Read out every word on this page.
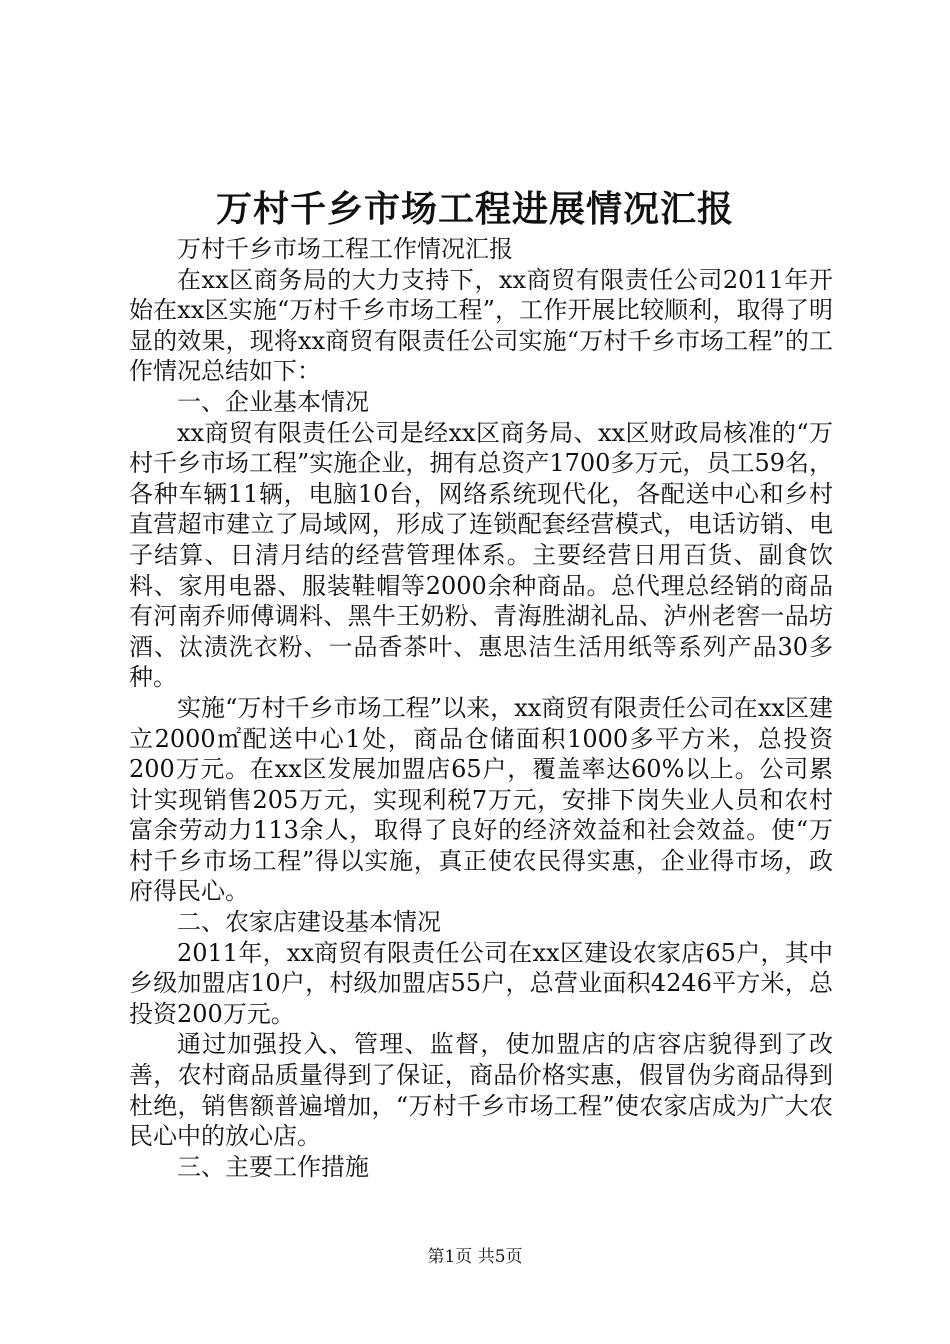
万村千乡市场工程进展情况汇报

万村千乡市场工程工作情况汇报

在xx区商务局的大力支持下，xx商贸有限责任公司2011年开始在xx区实施“万村千乡市场工程”，工作开展比较顺利，取得了明显的效果，现将xx商贸有限责任公司实施“万村千乡市场工程”的工作情况总结如下：

一、企业基本情况

xx商贸有限责任公司是经xx区商务局、xx区财政局核准的“万村千乡市场工程”实施企业，拥有总资产1700多万元，员工59名，各种车辆11辆，电脑10台，网络系统现代化，各配送中心和乡村直营超市建立了局域网，形成了连锁配套经营模式，电话访销、电子结算、日清月结的经营管理体系。主要经营日用百货、副食饮料、家用电器、服装鞋帽等2000余种商品。总代理总经销的商品有河南乔师傅调料、黑牛王奶粉、青海胜湖礼品、泸州老窖一品坊酒、汰渍洗衣粉、一品香茶叶、惠思洁生活用纸等系列产品30多种。

实施“万村千乡市场工程”以来，xx商贸有限责任公司在xx区建立2000㎡配送中心1处，商品仓储面积1000多平方米，总投资200万元。在xx区发展加盟店65户，覆盖率达60%以上。公司累计实现销售205万元，实现利税7万元，安排下岗失业人员和农村富余劳动力113余人，取得了良好的经济效益和社会效益。使“万村千乡市场工程”得以实施，真正使农民得实惠，企业得市场，政府得民心。

二、农家店建设基本情况

2011年，xx商贸有限责任公司在xx区建设农家店65户，其中乡级加盟店10户，村级加盟店55户，总营业面积4246平方米，总投资200万元。

通过加强投入、管理、监督，使加盟店的店容店貌得到了改善，农村商品质量得到了保证，商品价格实惠，假冒伪劣商品得到杜绝，销售额普遍增加，“万村千乡市场工程”使农家店成为广大农民心中的放心店。

三、主要工作措施

第1页 共5页
